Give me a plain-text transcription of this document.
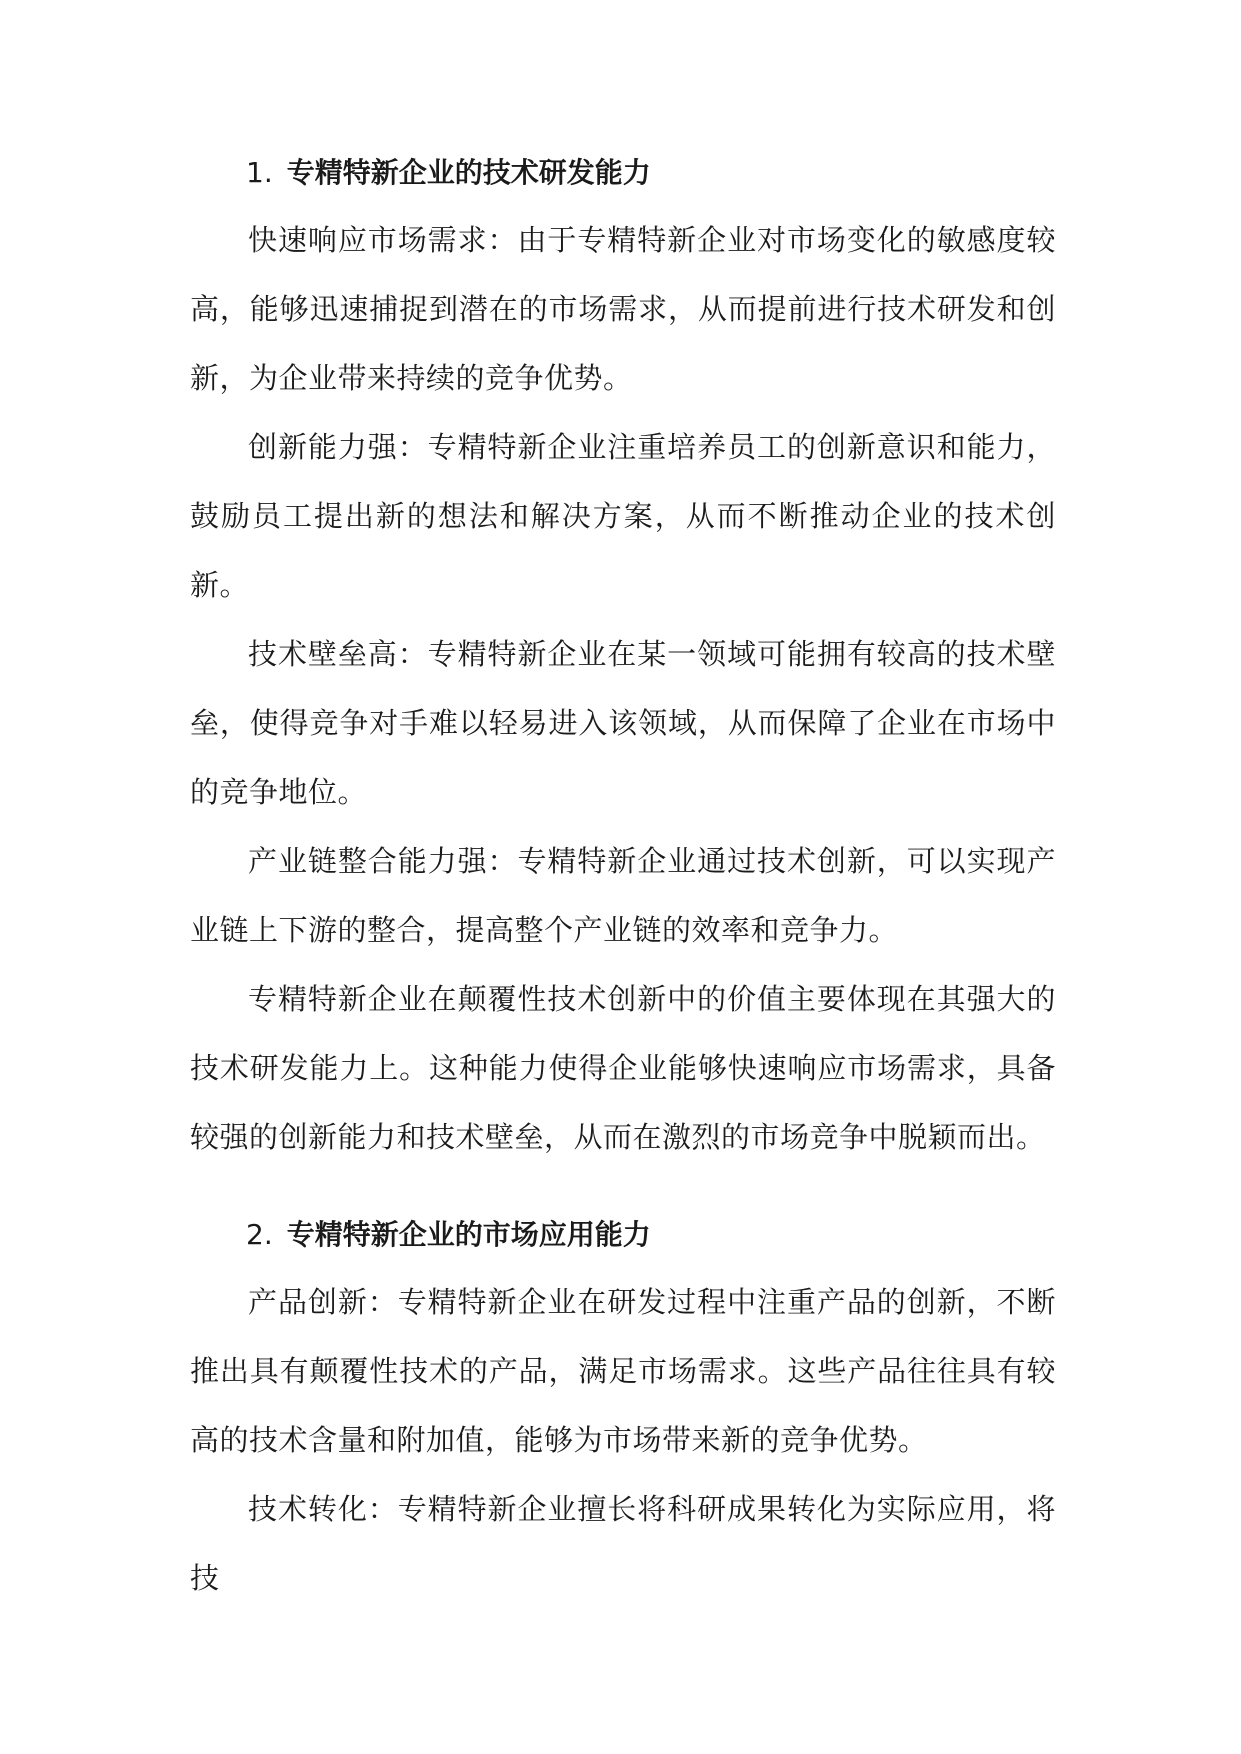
1. 专精特新企业的技术研发能力

快速响应市场需求：由于专精特新企业对市场变化的敏感度较高，能够迅速捕捉到潜在的市场需求，从而提前进行技术研发和创新，为企业带来持续的竞争优势。

创新能力强：专精特新企业注重培养员工的创新意识和能力，鼓励员工提出新的想法和解决方案，从而不断推动企业的技术创新。

技术壁垒高：专精特新企业在某一领域可能拥有较高的技术壁垒，使得竞争对手难以轻易进入该领域，从而保障了企业在市场中的竞争地位。

产业链整合能力强：专精特新企业通过技术创新，可以实现产业链上下游的整合，提高整个产业链的效率和竞争力。

专精特新企业在颠覆性技术创新中的价值主要体现在其强大的技术研发能力上。这种能力使得企业能够快速响应市场需求，具备较强的创新能力和技术壁垒，从而在激烈的市场竞争中脱颖而出。

2. 专精特新企业的市场应用能力

产品创新：专精特新企业在研发过程中注重产品的创新，不断推出具有颠覆性技术的产品，满足市场需求。这些产品往往具有较高的技术含量和附加值，能够为市场带来新的竞争优势。

技术转化：专精特新企业擅长将科研成果转化为实际应用，将技
